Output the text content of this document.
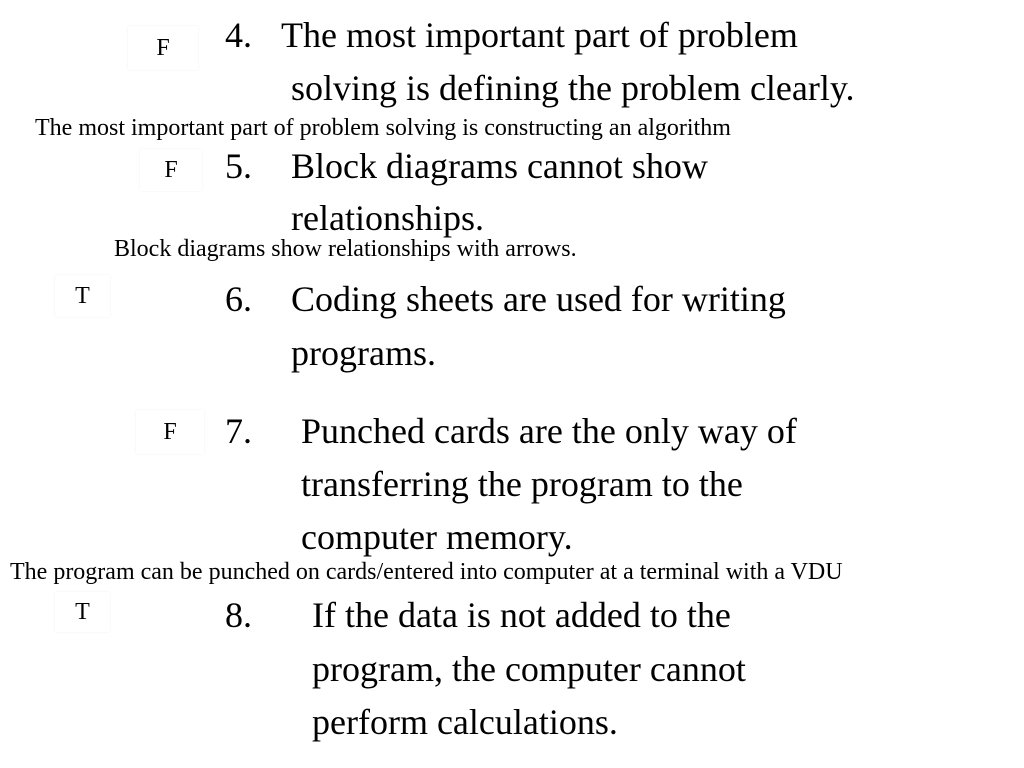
F 4. The most important part of problem
solving is defining the problem clearly.
The most important part of problem solving is constructing an algorithm
F 5. Block diagrams cannot show
relationships.
Block diagrams show relationships with arrows.
T	6. Coding sheets are used for writing
programs.
F 7. Punched cards are the only way of
transferring the program to the
computer memory.
The program can be punched on cards/entered into computer at a terminal with a VDU
T	8. If the data is not added to the
program, the computer cannot
perform calculations.
